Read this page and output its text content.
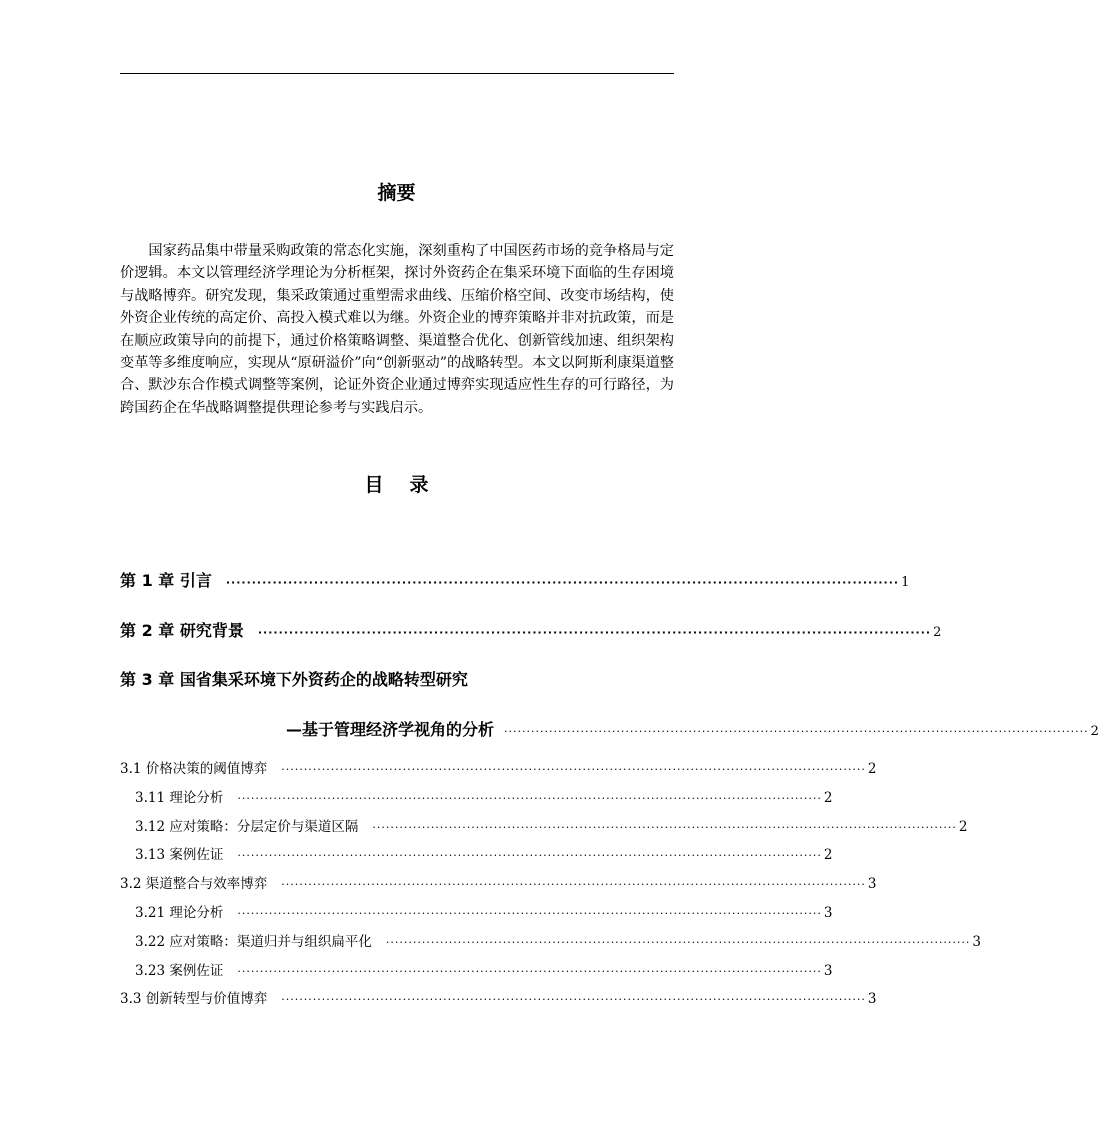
摘要

国家药品集中带量采购政策的常态化实施，深刻重构了中国医药市场的竞争格局与定价逻辑。本文以管理经济学理论为分析框架，探讨外资药企在集采环境下面临的生存困境与战略博弈。研究发现，集采政策通过重塑需求曲线、压缩价格空间、改变市场结构，使外资企业传统的高定价、高投入模式难以为继。外资企业的博弈策略并非对抗政策，而是在顺应政策导向的前提下，通过价格策略调整、渠道整合优化、创新管线加速、组织架构变革等多维度响应，实现从“原研溢价”向“创新驱动”的战略转型。本文以阿斯利康渠道整合、默沙东合作模式调整等案例，论证外资企业通过博弈实现适应性生存的可行路径，为跨国药企在华战略调整提供理论参考与实践启示。

目 录
第 1 章 引言 ·································································································································· 1
第 2 章 研究背景 ·································································································································· 2
第 3 章 国省集采环境下外资药企的战略转型研究
—基于管理经济学视角的分析 ·································································································································· 2
3.1 价格决策的阈值博弈 ·································································································································· 2
3.11 理论分析 ·································································································································· 2
3.12 应对策略：分层定价与渠道区隔 ·································································································································· 2
3.13 案例佐证 ·································································································································· 2
3.2 渠道整合与效率博弈 ·································································································································· 3
3.21 理论分析 ·································································································································· 3
3.22 应对策略：渠道归并与组织扁平化 ·································································································································· 3
3.23 案例佐证 ·································································································································· 3
3.3 创新转型与价值博弈 ·································································································································· 3
